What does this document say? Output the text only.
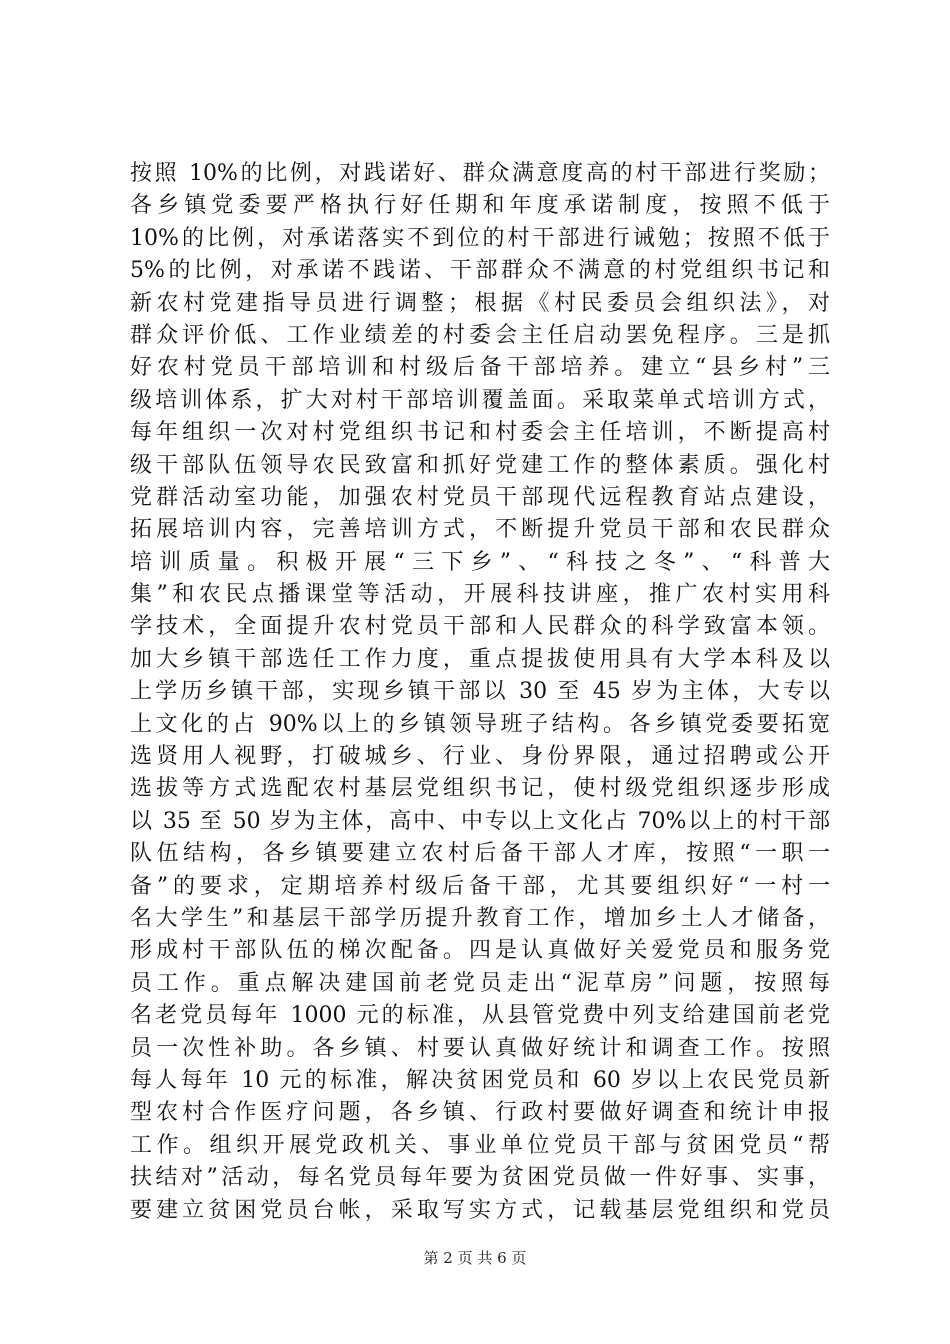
按照 10%的比例，对践诺好、群众满意度高的村干部进行奖励；
各乡镇党委要严格执行好任期和年度承诺制度，按照不低于
10%的比例，对承诺落实不到位的村干部进行诫勉；按照不低于
5%的比例，对承诺不践诺、干部群众不满意的村党组织书记和
新农村党建指导员进行调整；根据《村民委员会组织法》，对
群众评价低、工作业绩差的村委会主任启动罢免程序。三是抓
好农村党员干部培训和村级后备干部培养。建立“县乡村”三
级培训体系，扩大对村干部培训覆盖面。采取菜单式培训方式，
每年组织一次对村党组织书记和村委会主任培训，不断提高村
级干部队伍领导农民致富和抓好党建工作的整体素质。强化村
党群活动室功能，加强农村党员干部现代远程教育站点建设，
拓展培训内容，完善培训方式，不断提升党员干部和农民群众
培训质量。积极开展“三下乡”、“科技之冬”、“科普大
集”和农民点播课堂等活动，开展科技讲座，推广农村实用科
学技术，全面提升农村党员干部和人民群众的科学致富本领。
加大乡镇干部选任工作力度，重点提拔使用具有大学本科及以
上学历乡镇干部，实现乡镇干部以 30 至 45 岁为主体，大专以
上文化的占 90%以上的乡镇领导班子结构。各乡镇党委要拓宽
选贤用人视野，打破城乡、行业、身份界限，通过招聘或公开
选拔等方式选配农村基层党组织书记，使村级党组织逐步形成
以 35 至 50 岁为主体，高中、中专以上文化占 70%以上的村干部
队伍结构，各乡镇要建立农村后备干部人才库，按照“一职一
备”的要求，定期培养村级后备干部，尤其要组织好“一村一
名大学生”和基层干部学历提升教育工作，增加乡土人才储备，
形成村干部队伍的梯次配备。四是认真做好关爱党员和服务党
员工作。重点解决建国前老党员走出“泥草房”问题，按照每
名老党员每年 1000 元的标准，从县管党费中列支给建国前老党
员一次性补助。各乡镇、村要认真做好统计和调查工作。按照
每人每年 10 元的标准，解决贫困党员和 60 岁以上农民党员新
型农村合作医疗问题，各乡镇、行政村要做好调查和统计申报
工作。组织开展党政机关、事业单位党员干部与贫困党员“帮
扶结对”活动，每名党员每年要为贫困党员做一件好事、实事，
要建立贫困党员台帐，采取写实方式，记载基层党组织和党员
第 2 页 共 6 页
